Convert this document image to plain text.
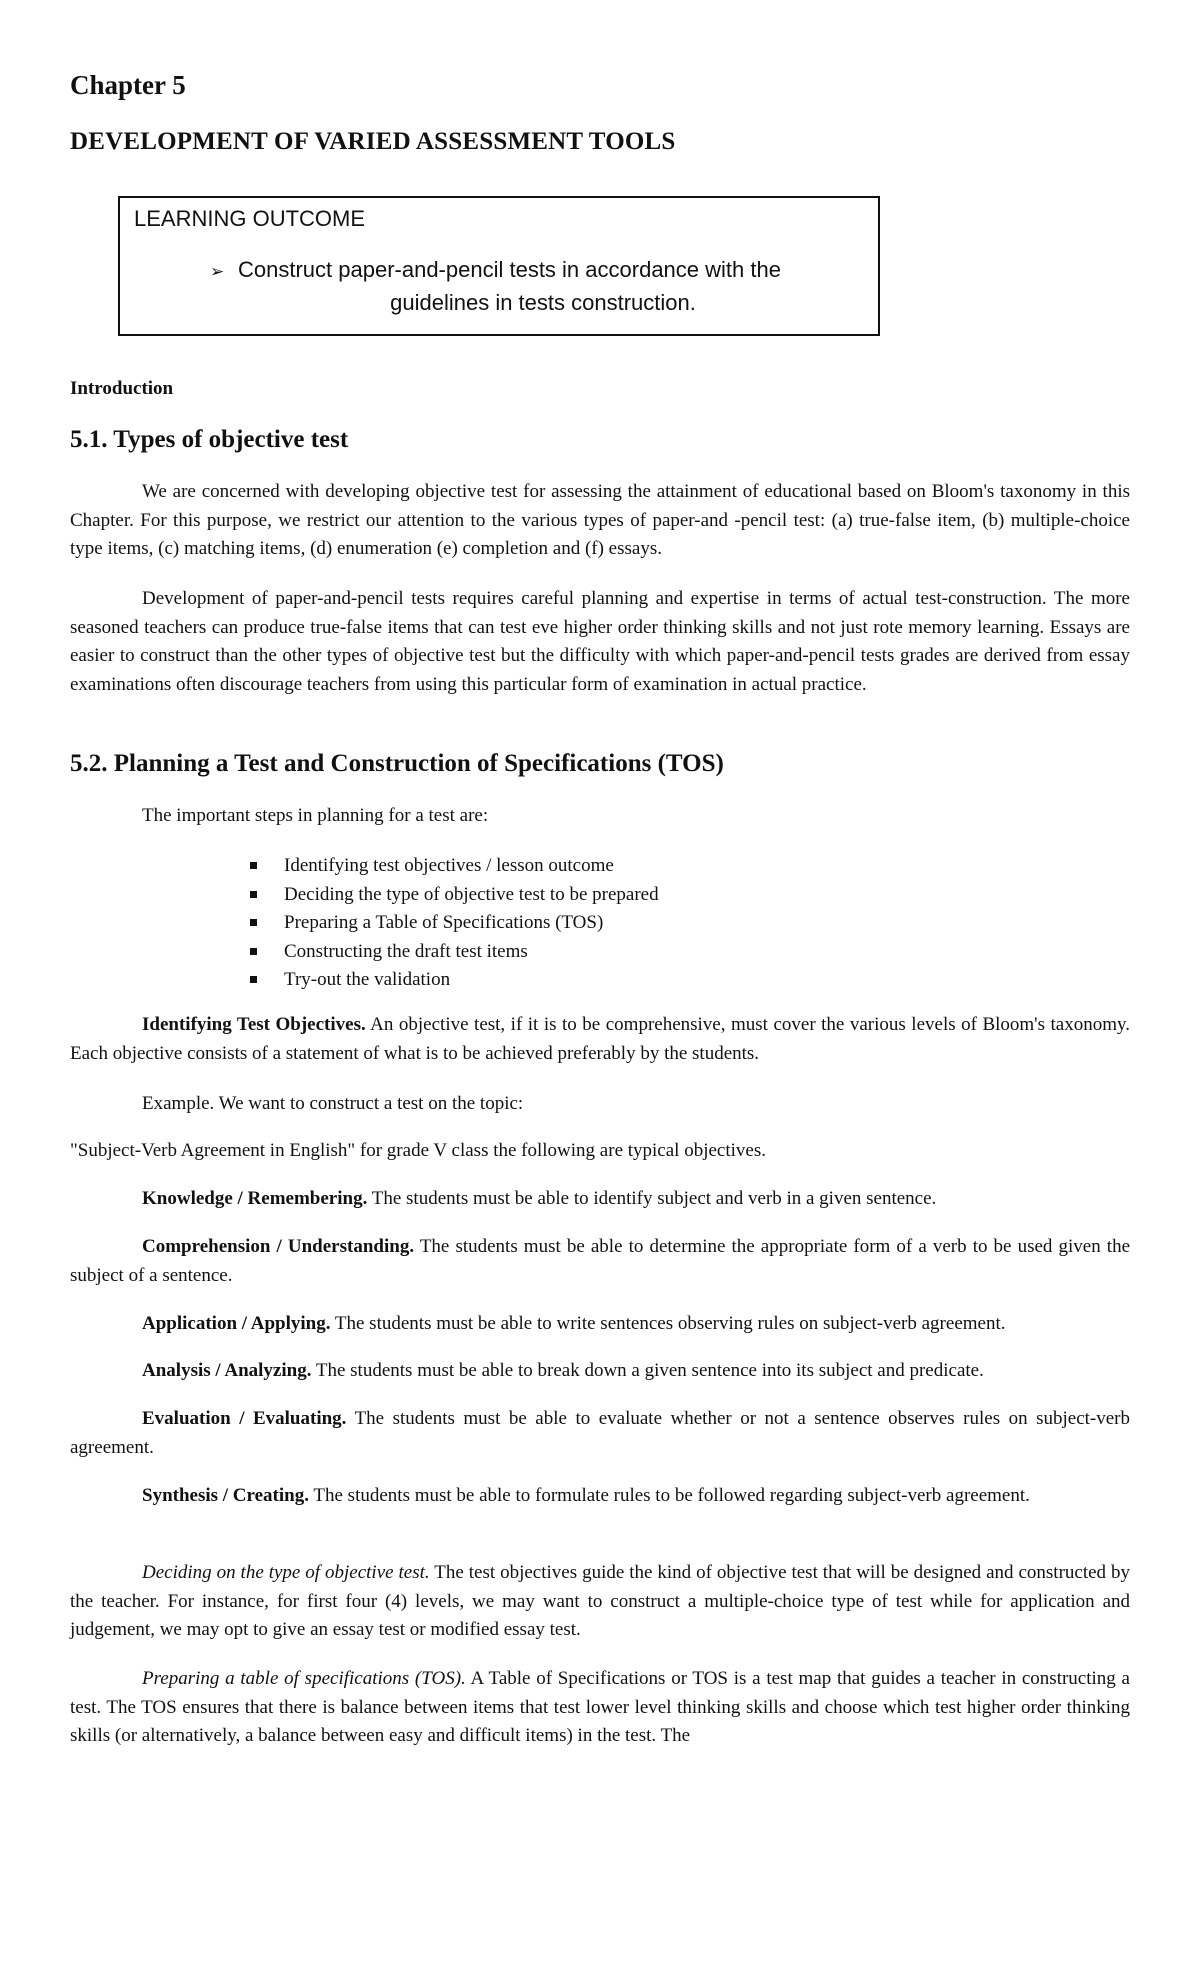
Chapter 5
DEVELOPMENT OF VARIED ASSESSMENT TOOLS
LEARNING OUTCOME
➢ Construct paper-and-pencil tests in accordance with the
guidelines in tests construction.
Introduction
5.1. Types of objective test

We are concerned with developing objective test for assessing the attainment of educational based on Bloom's taxonomy in this Chapter. For this purpose, we restrict our attention to the various types of paper-and -pencil test: (a) true-false item, (b) multiple-choice type items, (c) matching items, (d) enumeration (e) completion and (f) essays.

Development of paper-and-pencil tests requires careful planning and expertise in terms of actual test-construction. The more seasoned teachers can produce true-false items that can test eve higher order thinking skills and not just rote memory learning. Essays are easier to construct than the other types of objective test but the difficulty with which paper-and-pencil tests grades are derived from essay examinations often discourage teachers from using this particular form of examination in actual practice.

5.2. Planning a Test and Construction of Specifications (TOS)

The important steps in planning for a test are:

Identifying test objectives / lesson outcome
Deciding the type of objective test to be prepared
Preparing a Table of Specifications (TOS)
Constructing the draft test items
Try-out the validation

Identifying Test Objectives. An objective test, if it is to be comprehensive, must cover the various levels of Bloom's taxonomy. Each objective consists of a statement of what is to be achieved preferably by the students.

Example. We want to construct a test on the topic:

"Subject-Verb Agreement in English" for grade V class the following are typical objectives.

Knowledge / Remembering. The students must be able to identify subject and verb in a given sentence.

Comprehension / Understanding. The students must be able to determine the appropriate form of a verb to be used given the subject of a sentence.

Application / Applying. The students must be able to write sentences observing rules on subject-verb agreement.

Analysis / Analyzing. The students must be able to break down a given sentence into its subject and predicate.

Evaluation / Evaluating. The students must be able to evaluate whether or not a sentence observes rules on subject-verb agreement.

Synthesis / Creating. The students must be able to formulate rules to be followed regarding subject-verb agreement.

Deciding on the type of objective test. The test objectives guide the kind of objective test that will be designed and constructed by the teacher. For instance, for first four (4) levels, we may want to construct a multiple-choice type of test while for application and judgement, we may opt to give an essay test or modified essay test.

Preparing a table of specifications (TOS). A Table of Specifications or TOS is a test map that guides a teacher in constructing a test. The TOS ensures that there is balance between items that test lower level thinking skills and choose which test higher order thinking skills (or alternatively, a balance between easy and difficult items) in the test. The
